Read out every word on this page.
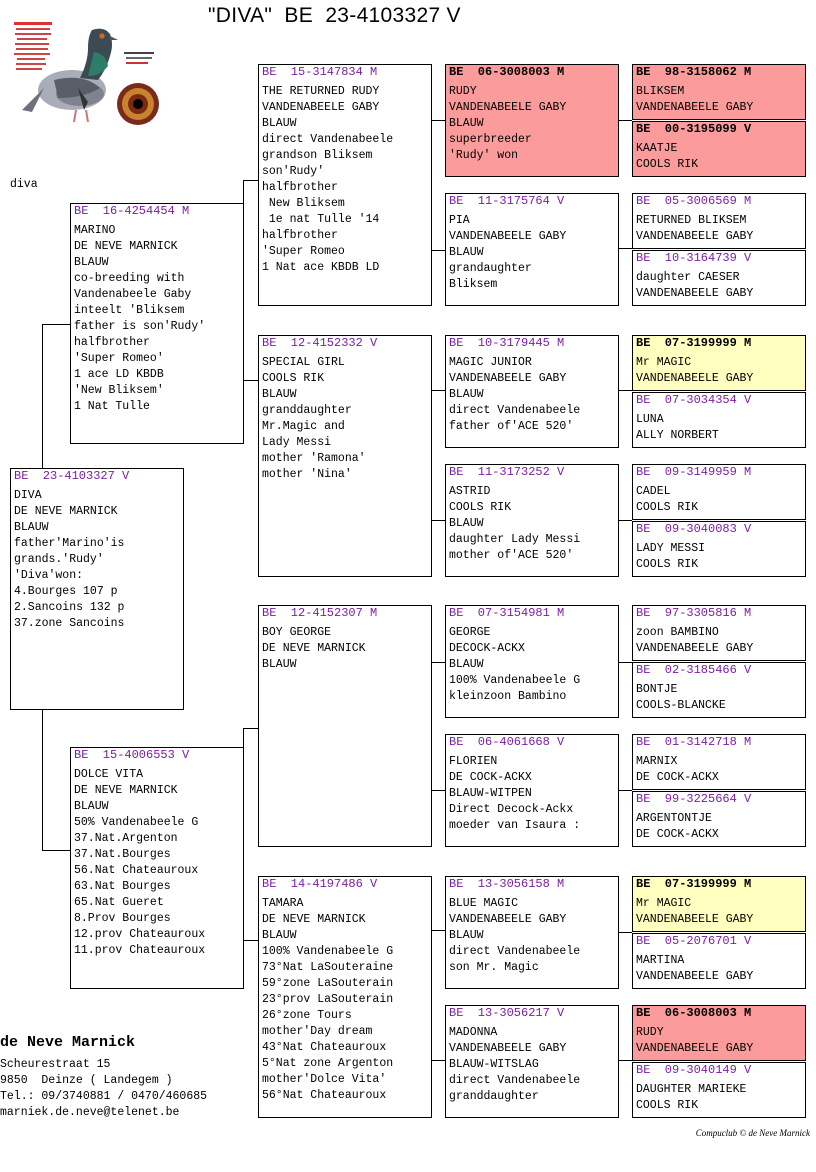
"DIVA"  BE  23-4103327 V
diva
BE  23-4103327 V
DIVA
DE NEVE MARNICK
BLAUW
father'Marino'is
grands.'Rudy'
'Diva'won:
4.Bourges 107 p
2.Sancoins 132 p
37.zone Sancoins
BE  16-4254454 M
MARINO
DE NEVE MARNICK
BLAUW
co-breeding with
Vandenabeele Gaby
inteelt 'Bliksem
father is son'Rudy'
halfbrother
'Super Romeo'
1 ace LD KBDB
'New Bliksem'
1 Nat Tulle
BE  15-4006553 V
DOLCE VITA
DE NEVE MARNICK
BLAUW
50% Vandenabeele G
37.Nat.Argenton
37.Nat.Bourges
56.Nat Chateauroux
63.Nat Bourges
65.Nat Gueret
8.Prov Bourges
12.prov Chateauroux
11.prov Chateauroux
BE  15-3147834 M
THE RETURNED RUDY
VANDENABEELE GABY
BLAUW
direct Vandenabeele
grandson Bliksem
son'Rudy'
halfbrother
New Bliksem
1e nat Tulle '14
halfbrother
'Super Romeo
1 Nat ace KBDB LD
BE  12-4152332 V
SPECIAL GIRL
COOLS RIK
BLAUW
granddaughter
Mr.Magic and
Lady Messi
mother 'Ramona'
mother 'Nina'
BE  12-4152307 M
BOY GEORGE
DE NEVE MARNICK
BLAUW
BE  14-4197486 V
TAMARA
DE NEVE MARNICK
BLAUW
100% Vandenabeele G
73°Nat LaSouteraine
59°zone LaSouterain
23°prov LaSouterain
26°zone Tours
mother'Day dream
43°Nat Chateauroux
5°Nat zone Argenton
mother'Dolce Vita'
56°Nat Chateauroux
BE  06-3008003 M
RUDY
VANDENABEELE GABY
BLAUW
superbreeder
'Rudy' won
BE  11-3175764 V
PIA
VANDENABEELE GABY
BLAUW
grandaughter
Bliksem
BE  10-3179445 M
MAGIC JUNIOR
VANDENABEELE GABY
BLAUW
direct Vandenabeele
father of'ACE 520'
BE  11-3173252 V
ASTRID
COOLS RIK
BLAUW
daughter Lady Messi
mother of'ACE 520'
BE  07-3154981 M
GEORGE
DECOCK-ACKX
BLAUW
100% Vandenabeele G
kleinzoon Bambino
BE  06-4061668 V
FLORIEN
DE COCK-ACKX
BLAUW-WITPEN
Direct Decock-Ackx
moeder van Isaura :
BE  13-3056158 M
BLUE MAGIC
VANDENABEELE GABY
BLAUW
direct Vandenabeele
son Mr. Magic
BE  13-3056217 V
MADONNA
VANDENABEELE GABY
BLAUW-WITSLAG
direct Vandenabeele
granddaughter
BE  98-3158062 M
BLIKSEM
VANDENABEELE GABY
BE  00-3195099 V
KAATJE
COOLS RIK
BE  05-3006569 M
RETURNED BLIKSEM
VANDENABEELE GABY
BE  10-3164739 V
daughter CAESER
VANDENABEELE GABY
BE  07-3199999 M
Mr MAGIC
VANDENABEELE GABY
BE  07-3034354 V
LUNA
ALLY NORBERT
BE  09-3149959 M
CADEL
COOLS RIK
BE  09-3040083 V
LADY MESSI
COOLS RIK
BE  97-3305816 M
zoon BAMBINO
VANDENABEELE GABY
BE  02-3185466 V
BONTJE
COOLS-BLANCKE
BE  01-3142718 M
MARNIX
DE COCK-ACKX
BE  99-3225664 V
ARGENTONTJE
DE COCK-ACKX
BE  07-3199999 M
Mr MAGIC
VANDENABEELE GABY
BE  05-2076701 V
MARTINA
VANDENABEELE GABY
BE  06-3008003 M
RUDY
VANDENABEELE GABY
BE  09-3040149 V
DAUGHTER MARIEKE
COOLS RIK
de Neve Marnick
Scheurestraat 15
9850  Deinze ( Landegem )
Tel.: 09/3740881 / 0470/460685
marniek.de.neve@telenet.be
Compuclub © de Neve Marnick
